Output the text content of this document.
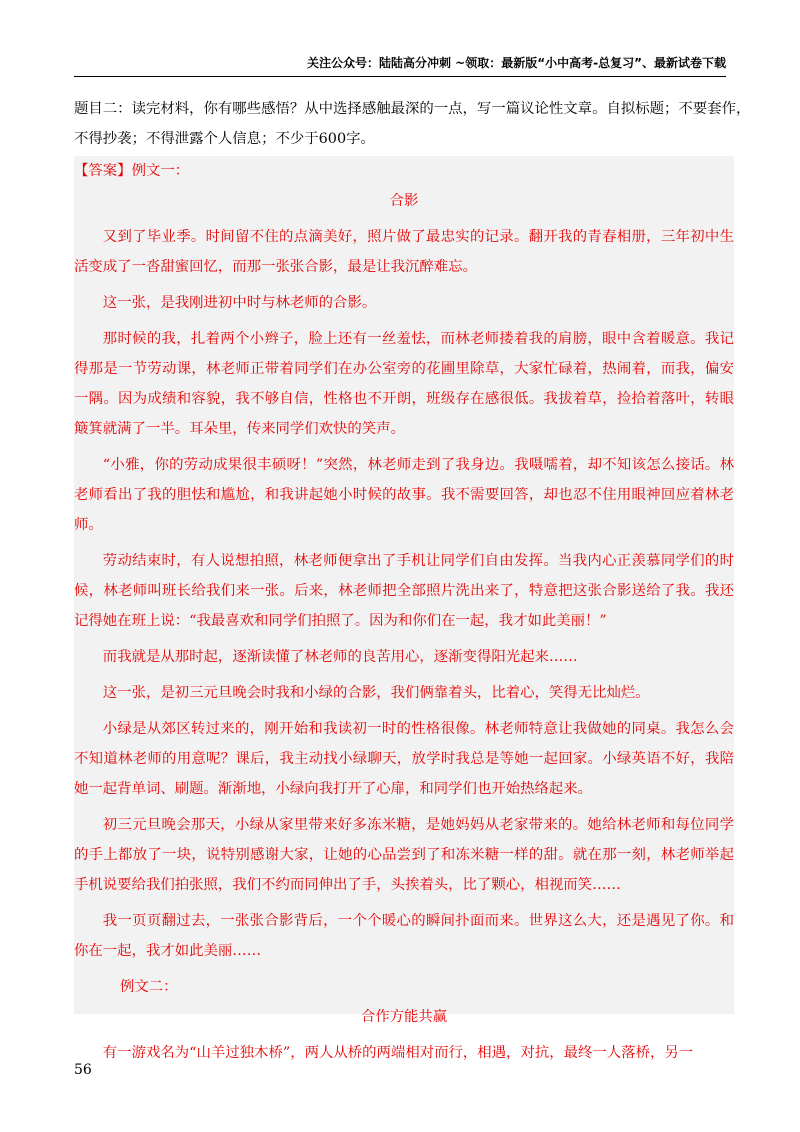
关注公众号：陆陆高分冲刺 ~领取：最新版“小中高考-总复习”、最新试卷下载
题目二：读完材料，你有哪些感悟？从中选择感触最深的一点，写一篇议论性文章。自拟标题；不要套作，
不得抄袭；不得泄露个人信息；不少于600字。
【答案】例文一：
合影

又到了毕业季。时间留不住的点滴美好，照片做了最忠实的记录。翻开我的青春相册，三年初中生活变成了一沓甜蜜回忆，而那一张张合影，最是让我沉醉难忘。

这一张，是我刚进初中时与林老师的合影。

那时候的我，扎着两个小辫子，脸上还有一丝羞怯，而林老师搂着我的肩膀，眼中含着暖意。我记得那是一节劳动课，林老师正带着同学们在办公室旁的花圃里除草，大家忙碌着，热闹着，而我，偏安一隅。因为成绩和容貌，我不够自信，性格也不开朗，班级存在感很低。我拔着草，捡拾着落叶，转眼簸箕就满了一半。耳朵里，传来同学们欢快的笑声。

“小雅，你的劳动成果很丰硕呀！”突然，林老师走到了我身边。我嗫嚅着，却不知该怎么接话。林老师看出了我的胆怯和尴尬，和我讲起她小时候的故事。我不需要回答，却也忍不住用眼神回应着林老师。

劳动结束时，有人说想拍照，林老师便拿出了手机让同学们自由发挥。当我内心正羡慕同学们的时候，林老师叫班长给我们来一张。后来，林老师把全部照片洗出来了，特意把这张合影送给了我。我还记得她在班上说：“我最喜欢和同学们拍照了。因为和你们在一起，我才如此美丽！”

而我就是从那时起，逐渐读懂了林老师的良苦用心，逐渐变得阳光起来……

这一张，是初三元旦晚会时我和小绿的合影，我们俩靠着头，比着心，笑得无比灿烂。

小绿是从郊区转过来的，刚开始和我读初一时的性格很像。林老师特意让我做她的同桌。我怎么会不知道林老师的用意呢？课后，我主动找小绿聊天，放学时我总是等她一起回家。小绿英语不好，我陪她一起背单词、刷题。渐渐地，小绿向我打开了心扉，和同学们也开始热络起来。

初三元旦晚会那天，小绿从家里带来好多冻米糖，是她妈妈从老家带来的。她给林老师和每位同学的手上都放了一块，说特别感谢大家，让她的心品尝到了和冻米糖一样的甜。就在那一刻，林老师举起手机说要给我们拍张照，我们不约而同伸出了手，头挨着头，比了颗心，相视而笑……

我一页页翻过去，一张张合影背后，一个个暖心的瞬间扑面而来。世界这么大，还是遇见了你。和你在一起，我才如此美丽……

例文二：

合作方能共赢

有一游戏名为“山羊过独木桥”，两人从桥的两端相对而行，相遇，对抗，最终一人落桥，另一

56
